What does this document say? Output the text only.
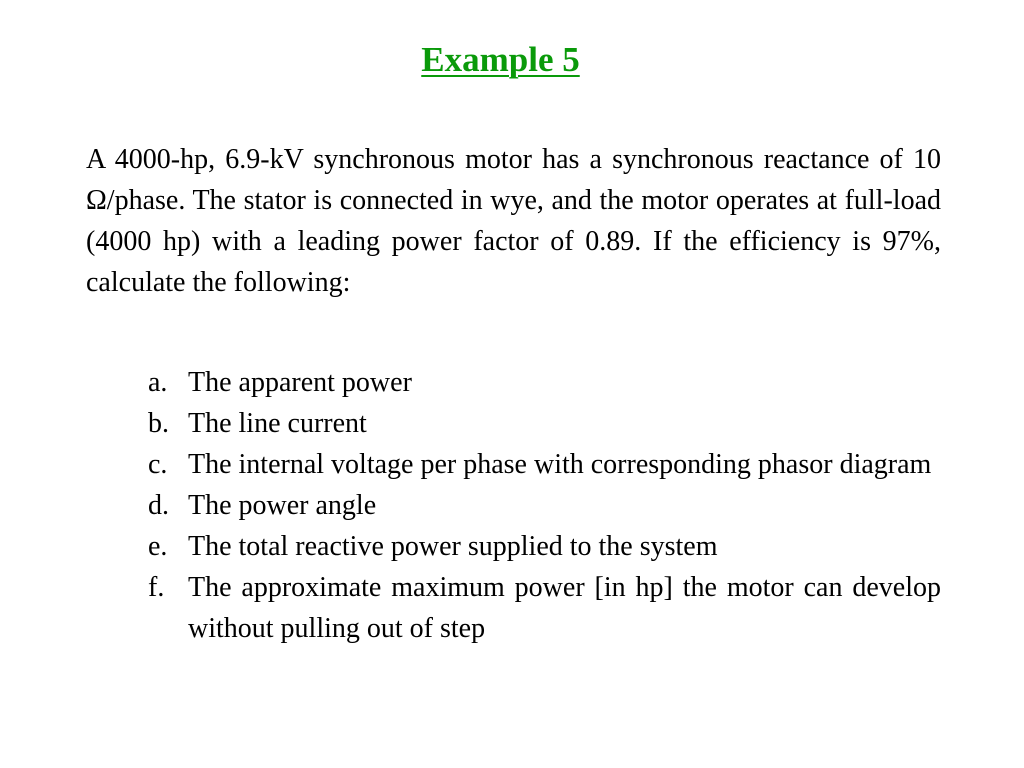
Example 5

A 4000-hp, 6.9-kV synchronous motor has a synchronous reactance of 10 Ω/phase. The stator is connected in wye, and the motor operates at full-load (4000 hp) with a leading power factor of 0.89. If the efficiency is 97%, calculate the following:

a. The apparent power
b. The line current
c. The internal voltage per phase with corresponding phasor diagram
d. The power angle
e. The total reactive power supplied to the system
f. The approximate maximum power [in hp] the motor can develop without pulling out of step
